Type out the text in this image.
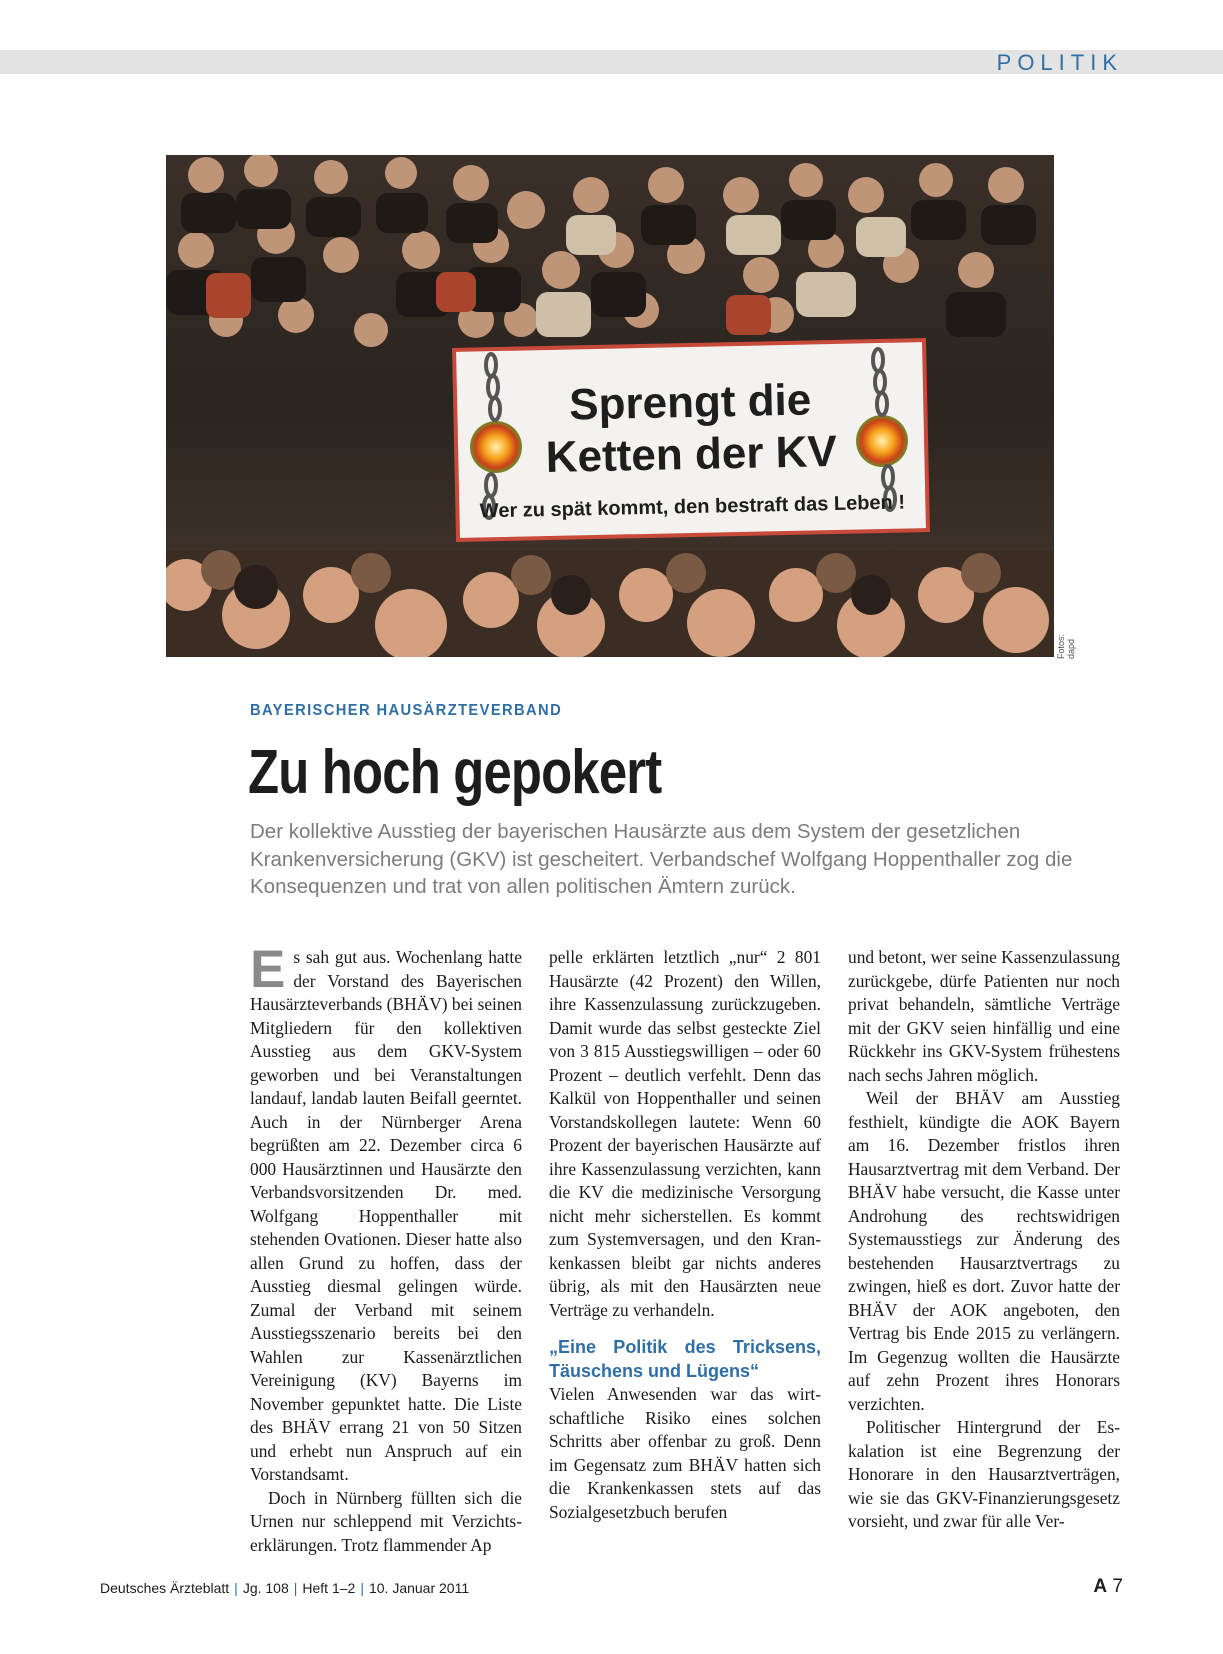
POLITIK
Sprengt die
Ketten der KV
Wer zu spät kommt, den bestraft das Leben !
Fotos: dapd
BAYERISCHER HAUSÄRZTEVERBAND
Zu hoch gepokert

Der kollektive Ausstieg der bayerischen Hausärzte aus dem System der gesetzlichen Krankenversicherung (GKV) ist gescheitert. Verbandschef Wolfgang Hoppenthaller zog die Konsequenzen und trat von allen politischen Ämtern zurück.

Es sah gut aus. Wochenlang hatte der Vorstand des Bayerischen Hausärzteverbands (BHÄV) bei seinen Mitgliedern für den kollektiven Ausstieg aus dem GKV-System geworben und bei Veranstaltungen landauf, landab lauten Beifall geerntet. Auch in der Nürnberger Arena begrüßten am 22. Dezember circa 6 000 Hausärztinnen und Hausärzte den Verbandsvorsitzenden Dr. med. Wolfgang Hoppenthaller mit stehenden Ovationen. Dieser hatte also allen Grund zu hoffen, dass der Ausstieg diesmal gelingen würde. Zumal der Verband mit seinem Ausstiegsszenario bereits bei den Wahlen zur Kassenärztlichen Vereinigung (KV) Bayerns im November gepunktet hatte. Die Liste des BHÄV errang 21 von 50 Sitzen und erhebt nun Anspruch auf ein Vorstandsamt.

Doch in Nürnberg füllten sich die Urnen nur schleppend mit Verzichtserklärungen. Trotz flammender Ap

pelle erklärten letztlich „nur“ 2 801 Hausärzte (42 Prozent) den Willen, ihre Kassenzulassung zurückzugeben. Damit wurde das selbst gesteckte Ziel von 3 815 Ausstiegswilligen – oder 60 Prozent – deutlich verfehlt. Denn das Kalkül von Hoppenthaller und seinen Vorstandskollegen lautete: Wenn 60 Prozent der bayerischen Hausärzte auf ihre Kassenzulassung verzichten, kann die KV die medizinische Versorgung nicht mehr sicherstellen. Es kommt zum Systemversagen, und den Krankenkassen bleibt gar nichts anderes übrig, als mit den Hausärzten neue Verträge zu verhandeln.

„Eine Politik des Tricksens, Täuschens und Lügens“

Vielen Anwesenden war das wirtschaftliche Risiko eines solchen Schritts aber offenbar zu groß. Denn im Gegensatz zum BHÄV hatten sich die Krankenkassen stets auf das Sozialgesetzbuch berufen

und betont, wer seine Kassenzulassung zurückgebe, dürfe Patienten nur noch privat behandeln, sämtliche Verträge mit der GKV seien hinfällig und eine Rückkehr ins GKV-System frühestens nach sechs Jahren möglich.

Weil der BHÄV am Ausstieg festhielt, kündigte die AOK Bayern am 16. Dezember fristlos ihren Hausarztvertrag mit dem Verband. Der BHÄV habe versucht, die Kasse unter Androhung des rechtswidrigen Systemausstiegs zur Änderung des bestehenden Hausarztvertrags zu zwingen, hieß es dort. Zuvor hatte der BHÄV der AOK angeboten, den Vertrag bis Ende 2015 zu verlängern. Im Gegenzug wollten die Hausärzte auf zehn Prozent ihres Honorars verzichten.

Politischer Hintergrund der Eskalation ist eine Begrenzung der Honorare in den Hausarztverträgen, wie sie das GKV-Finanzierungsgesetz vorsieht, und zwar für alle Ver-

Deutsches Ärzteblatt | Jg. 108 | Heft 1–2 | 10. Januar 2011	A 7
